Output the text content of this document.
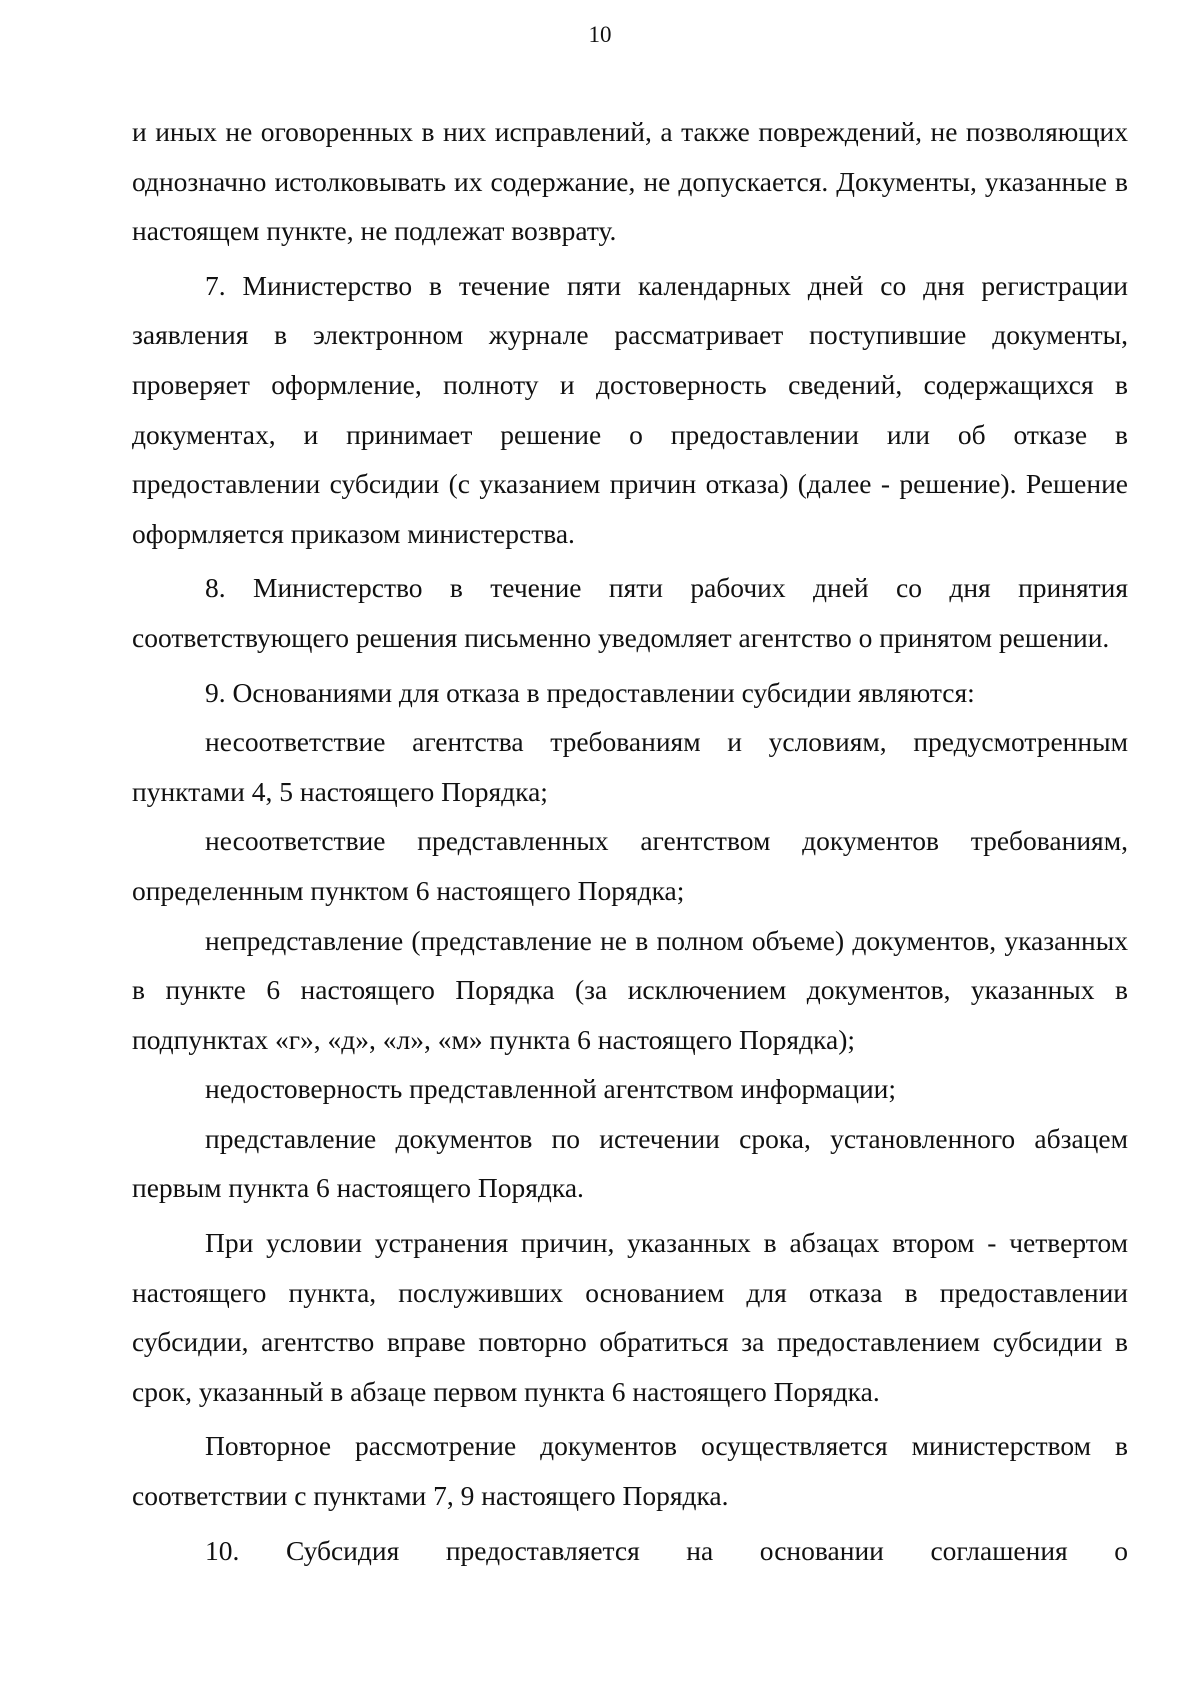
10

и иных не оговоренных в них исправлений, а также повреждений, не позволяющих однозначно истолковывать их содержание, не допускается. Документы, указанные в настоящем пункте, не подлежат возврату.

7. Министерство в течение пяти календарных дней со дня регистрации заявления в электронном журнале рассматривает поступившие документы, проверяет оформление, полноту и достоверность сведений, содержащихся в документах, и принимает решение о предоставлении или об отказе в предоставлении субсидии (с указанием причин отказа) (далее - решение). Решение оформляется приказом министерства.

8. Министерство в течение пяти рабочих дней со дня принятия соответствующего решения письменно уведомляет агентство о принятом решении.

9. Основаниями для отказа в предоставлении субсидии являются:

несоответствие агентства требованиям и условиям, предусмотренным пунктами 4, 5 настоящего Порядка;

несоответствие представленных агентством документов требованиям, определенным пунктом 6 настоящего Порядка;

непредставление (представление не в полном объеме) документов, указанных в пункте 6 настоящего Порядка (за исключением документов, указанных в подпунктах «г», «д», «л», «м» пункта 6 настоящего Порядка);

недостоверность представленной агентством информации;

представление документов по истечении срока, установленного абзацем первым пункта 6 настоящего Порядка.

При условии устранения причин, указанных в абзацах втором - четвертом настоящего пункта, послуживших основанием для отказа в предоставлении субсидии, агентство вправе повторно обратиться за предоставлением субсидии в срок, указанный в абзаце первом пункта 6 настоящего Порядка.

Повторное рассмотрение документов осуществляется министерством в соответствии с пунктами 7, 9 настоящего Порядка.

10. Субсидия предоставляется на основании соглашения о
